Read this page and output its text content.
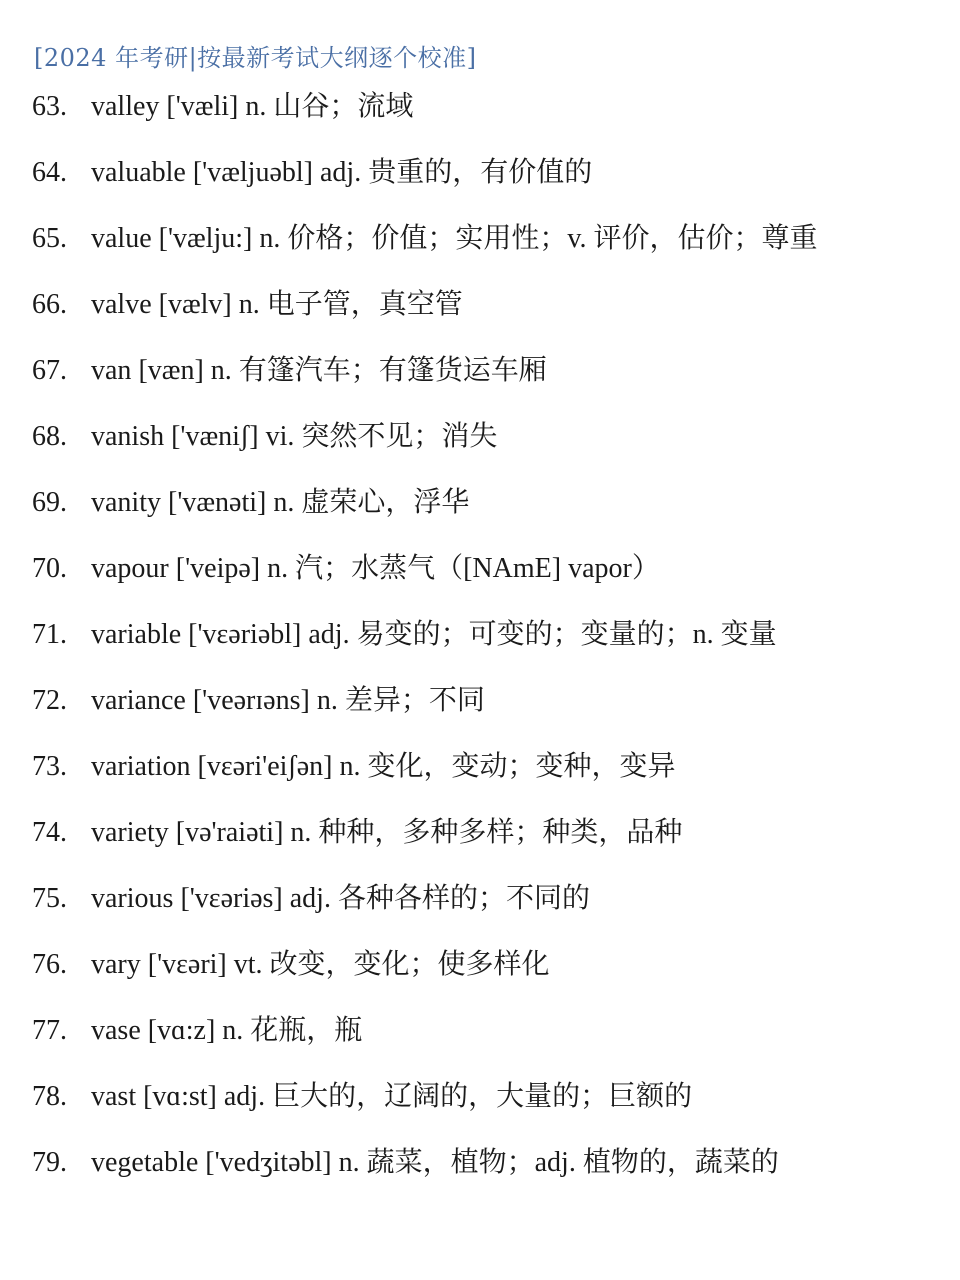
[2024 年考研|按最新考试大纲逐个校准]
63. valley ['væli] n. 山谷；流域
64. valuable ['væljuəbl] adj. 贵重的，有价值的
65. value ['vælju:] n. 价格；价值；实用性；v. 评价，估价；尊重
66. valve [vælv] n. 电子管，真空管
67. van [væn] n. 有篷汽车；有篷货运车厢
68. vanish ['væniʃ] vi. 突然不见；消失
69. vanity ['vænəti] n. 虚荣心，浮华
70. vapour ['veipə] n. 汽；水蒸气（[NAmE] vapor）
71. variable ['vɛəriəbl] adj. 易变的；可变的；变量的；n. 变量
72. variance ['veərɪəns] n. 差异；不同
73. variation [vɛəri'eiʃən] n. 变化，变动；变种，变异
74. variety [və'raiəti] n. 种种，多种多样；种类，品种
75. various ['vɛəriəs] adj. 各种各样的；不同的
76. vary ['vɛəri] vt. 改变，变化；使多样化
77. vase [vɑ:z] n. 花瓶，瓶
78. vast [vɑ:st] adj. 巨大的，辽阔的，大量的；巨额的
79. vegetable ['vedʒitəbl] n. 蔬菜，植物；adj. 植物的，蔬菜的
